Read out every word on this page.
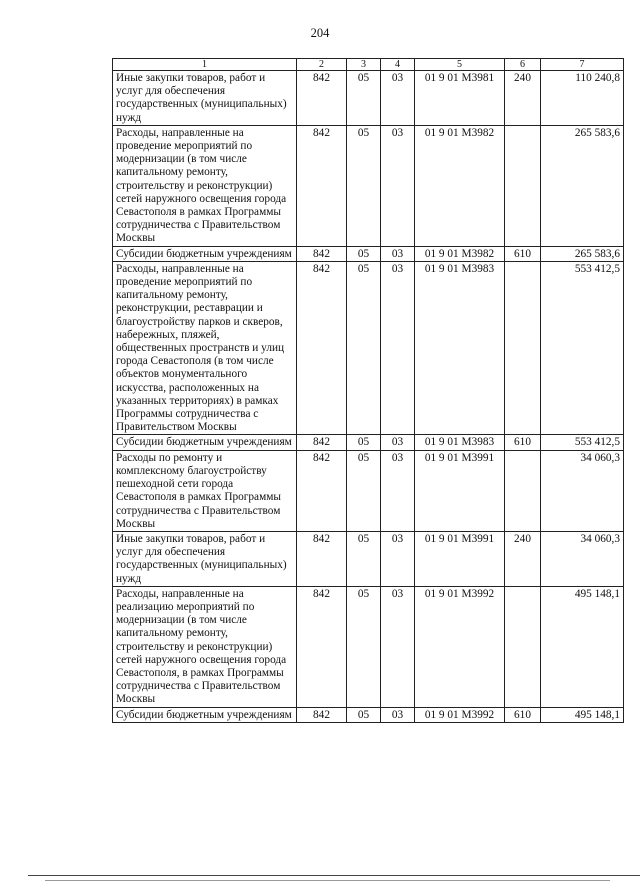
204
1	2	3	4	5	6	7
Иные закупки товаров, работ и услуг для обеспечения государственных (муниципальных) нужд	842	05	03	01 9 01 М3981	240	110 240,8
Расходы, направленные на проведение мероприятий по модернизации (в том числе капитальному ремонту, строительству и реконструкции) сетей наружного освещения города Севастополя в рамках Программы сотрудничества с Правительством Москвы	842	05	03	01 9 01 М3982		265 583,6
Субсидии бюджетным учреждениям	842	05	03	01 9 01 М3982	610	265 583,6
Расходы, направленные на проведение мероприятий по капитальному ремонту, реконструкции, реставрации и благоустройству парков и скверов, набережных, пляжей, общественных пространств и улиц города Севастополя (в том числе объектов монументального искусства, расположенных на указанных территориях) в рамках Программы сотрудничества с Правительством Москвы	842	05	03	01 9 01 М3983		553 412,5
Субсидии бюджетным учреждениям	842	05	03	01 9 01 М3983	610	553 412,5
Расходы по ремонту и комплексному благоустройству пешеходной сети города Севастополя в рамках Программы сотрудничества с Правительством Москвы	842	05	03	01 9 01 М3991		34 060,3
Иные закупки товаров, работ и услуг для обеспечения государственных (муниципальных) нужд	842	05	03	01 9 01 М3991	240	34 060,3
Расходы, направленные на реализацию мероприятий по модернизации (в том числе капитальному ремонту, строительству и реконструкции) сетей наружного освещения города Севастополя, в рамках Программы сотрудничества с Правительством Москвы	842	05	03	01 9 01 М3992		495 148,1
Субсидии бюджетным учреждениям	842	05	03	01 9 01 М3992	610	495 148,1
